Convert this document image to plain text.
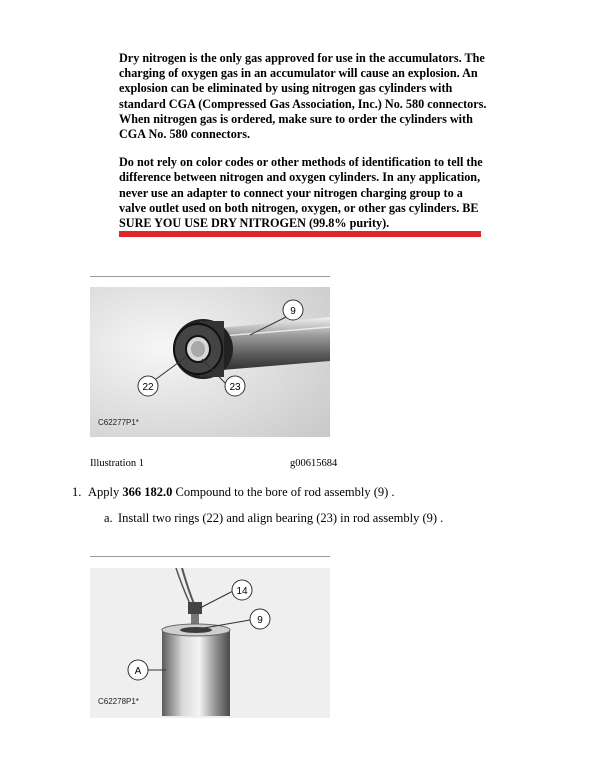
Dry nitrogen is the only gas approved for use in the accumulators. The charging of oxygen gas in an accumulator will cause an explosion. An explosion can be eliminated by using nitrogen gas cylinders with standard CGA (Compressed Gas Association, Inc.) No. 580 connectors. When nitrogen gas is ordered, make sure to order the cylinders with CGA No. 580 connectors.

Do not rely on color codes or other methods of identification to tell the difference between nitrogen and oxygen cylinders. In any application, never use an adapter to connect your nitrogen charging group to a valve outlet used on both nitrogen, oxygen, or other gas cylinders. BE SURE YOU USE DRY NITROGEN (99.8% purity).

9
22	23
C62277P1*
Illustration 1	g00615684
1. Apply 366 182.0 Compound to the bore of rod assembly (9) .
a. Install two rings (22) and align bearing (23) in rod assembly (9) .
14
9
A
C62278P1*
